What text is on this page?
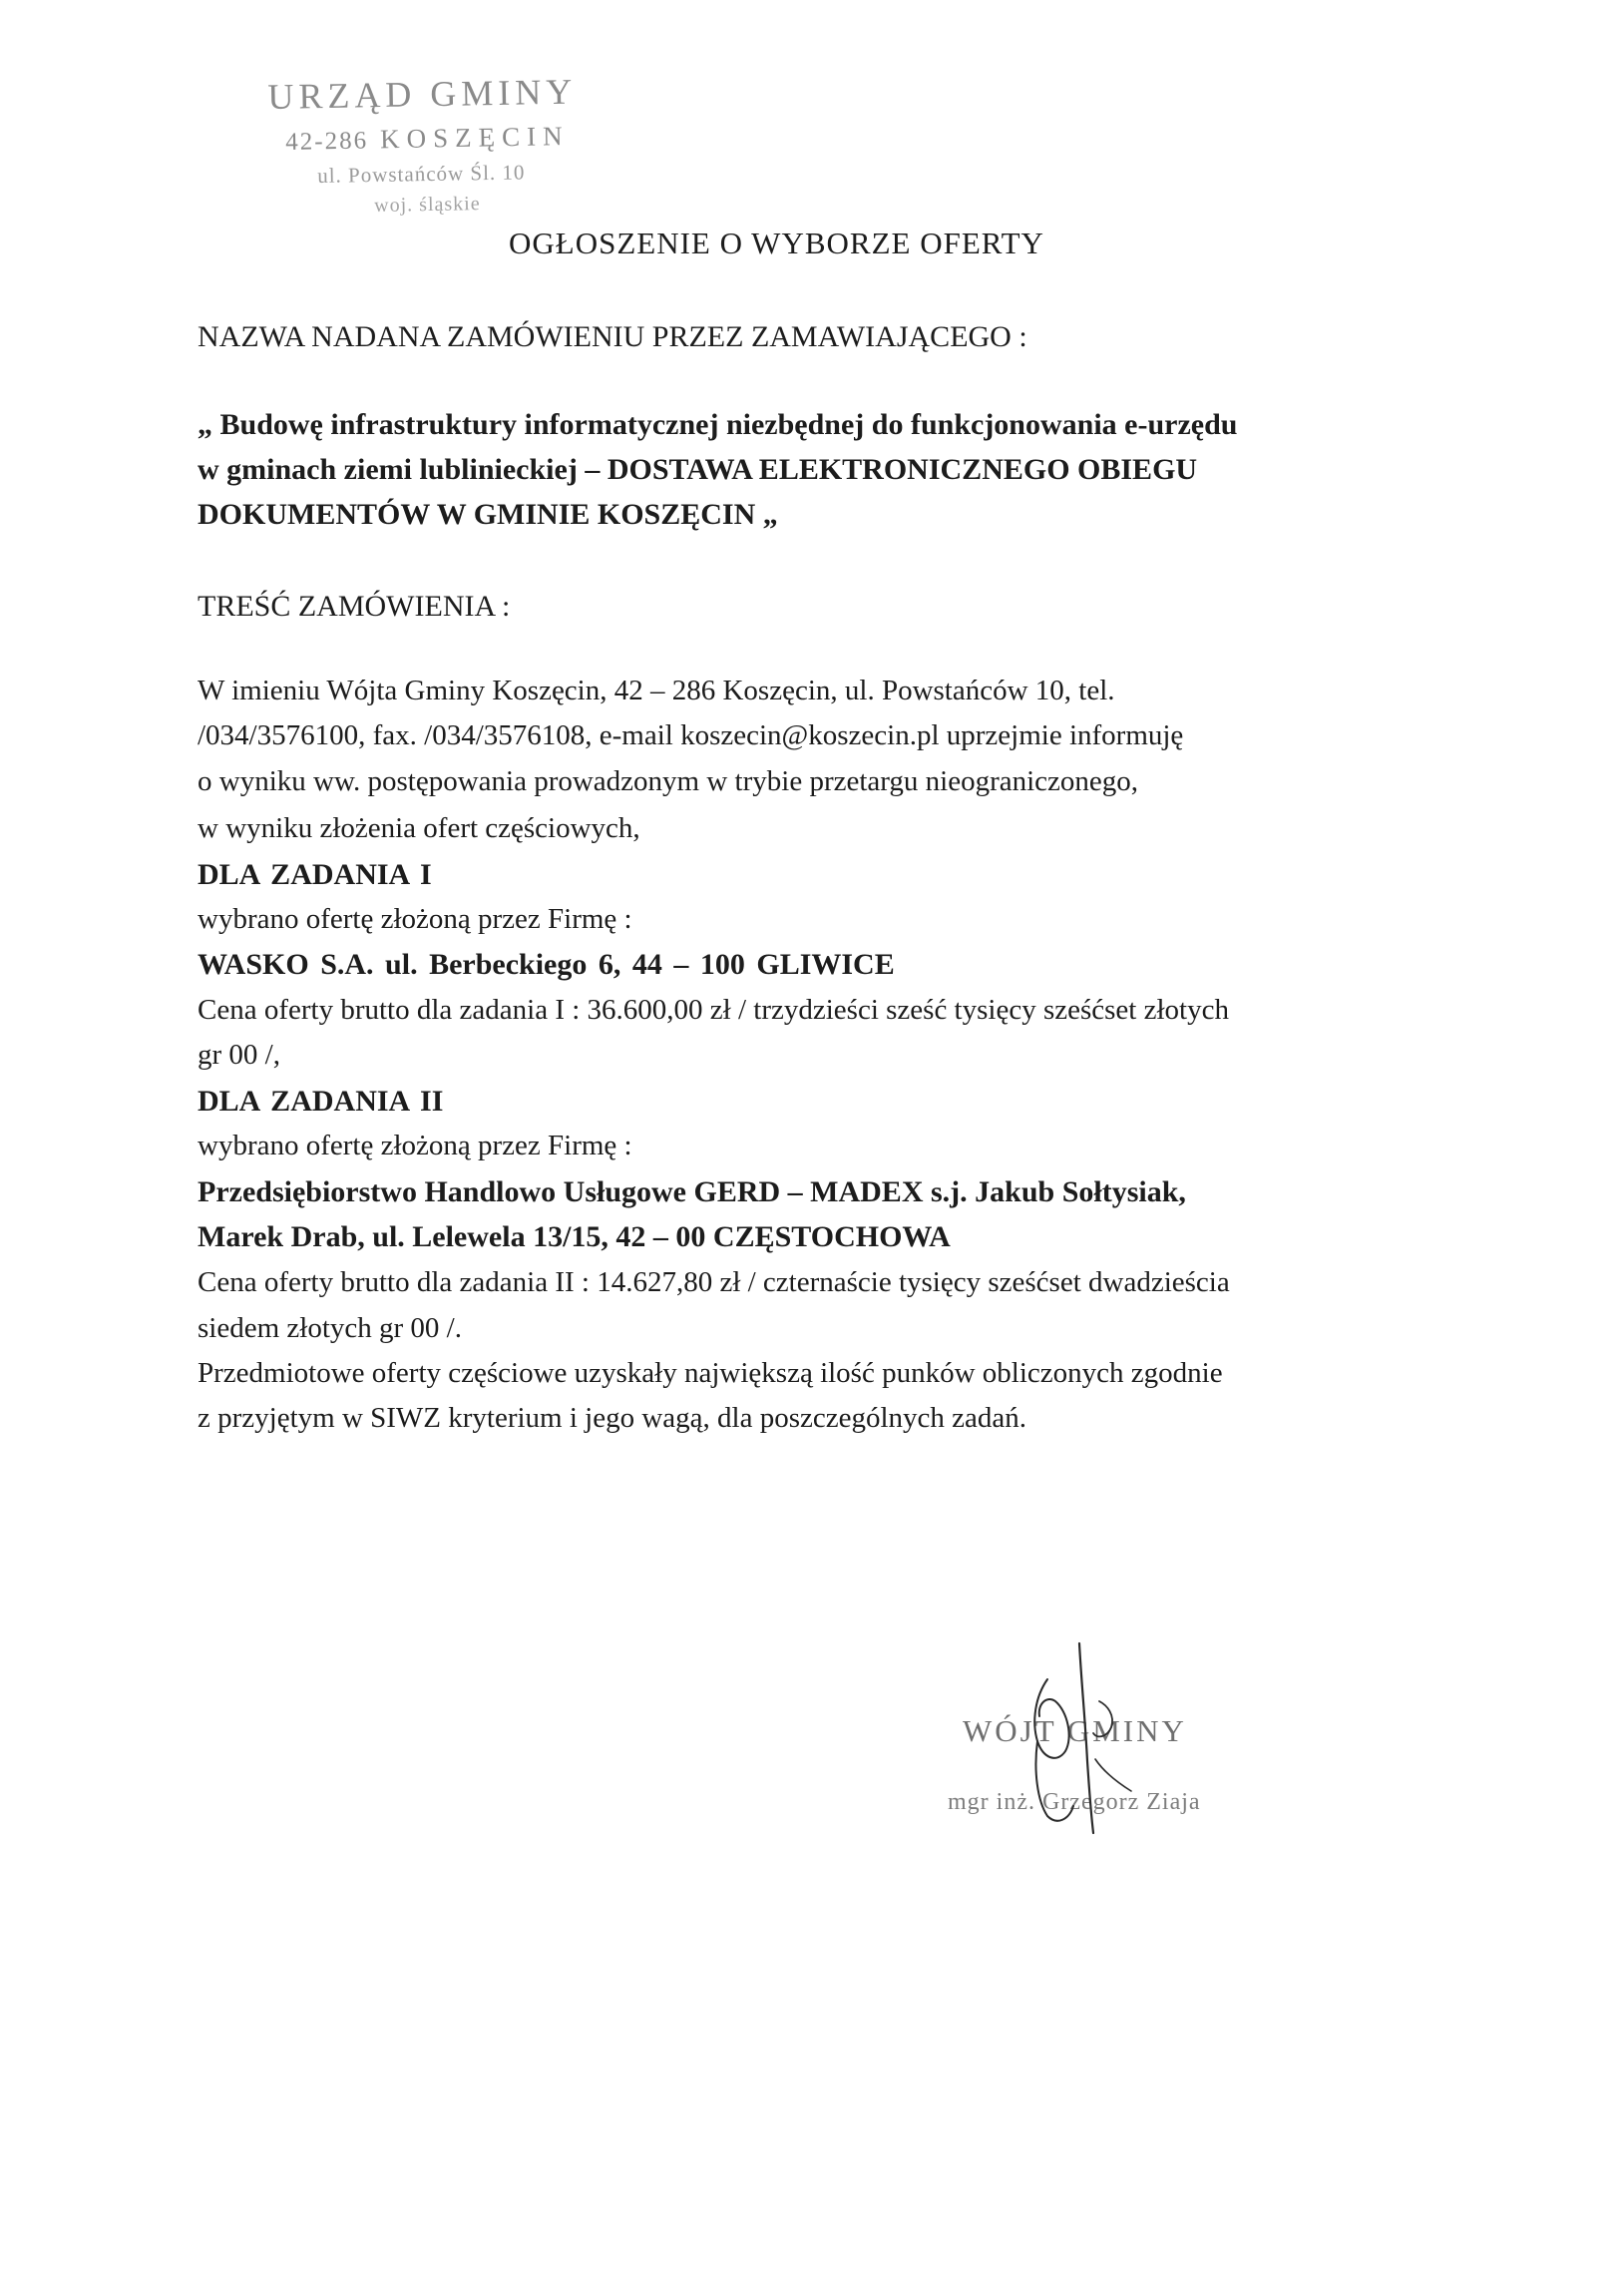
URZĄD GMINY
42-286 KOSZĘCIN
ul. Powstańców Śl. 10
woj. śląskie
OGŁOSZENIE O WYBORZE OFERTY
NAZWA NADANA ZAMÓWIENIU PRZEZ ZAMAWIAJĄCEGO :
„ Budowę infrastruktury informatycznej niezbędnej do funkcjonowania e-urzędu
w gminach ziemi lublinieckiej – DOSTAWA ELEKTRONICZNEGO OBIEGU
DOKUMENTÓW W GMINIE KOSZĘCIN „
TREŚĆ ZAMÓWIENIA :
W imieniu Wójta Gminy Koszęcin, 42 – 286 Koszęcin, ul. Powstańców 10, tel.
/034/3576100, fax. /034/3576108, e-mail koszecin@koszecin.pl uprzejmie informuję
o wyniku ww. postępowania prowadzonym w trybie przetargu nieograniczonego,
w wyniku złożenia ofert częściowych,
DLA ZADANIA I
wybrano ofertę złożoną przez Firmę :
WASKO S.A. ul. Berbeckiego 6, 44 – 100 GLIWICE
Cena oferty brutto dla zadania I : 36.600,00 zł / trzydzieści sześć tysięcy sześćset złotych
gr 00 /,
DLA ZADANIA II
wybrano ofertę złożoną przez Firmę :
Przedsiębiorstwo Handlowo Usługowe GERD – MADEX s.j. Jakub Sołtysiak,
Marek Drab, ul. Lelewela 13/15, 42 – 00 CZĘSTOCHOWA
Cena oferty brutto dla zadania II : 14.627,80 zł / czternaście tysięcy sześćset dwadzieścia
siedem złotych gr 00 /.
Przedmiotowe oferty częściowe uzyskały największą ilość punków obliczonych zgodnie
z przyjętym w SIWZ kryterium i jego wagą, dla poszczególnych zadań.
WÓJT GMINY
mgr inż. Grzegorz Ziaja
